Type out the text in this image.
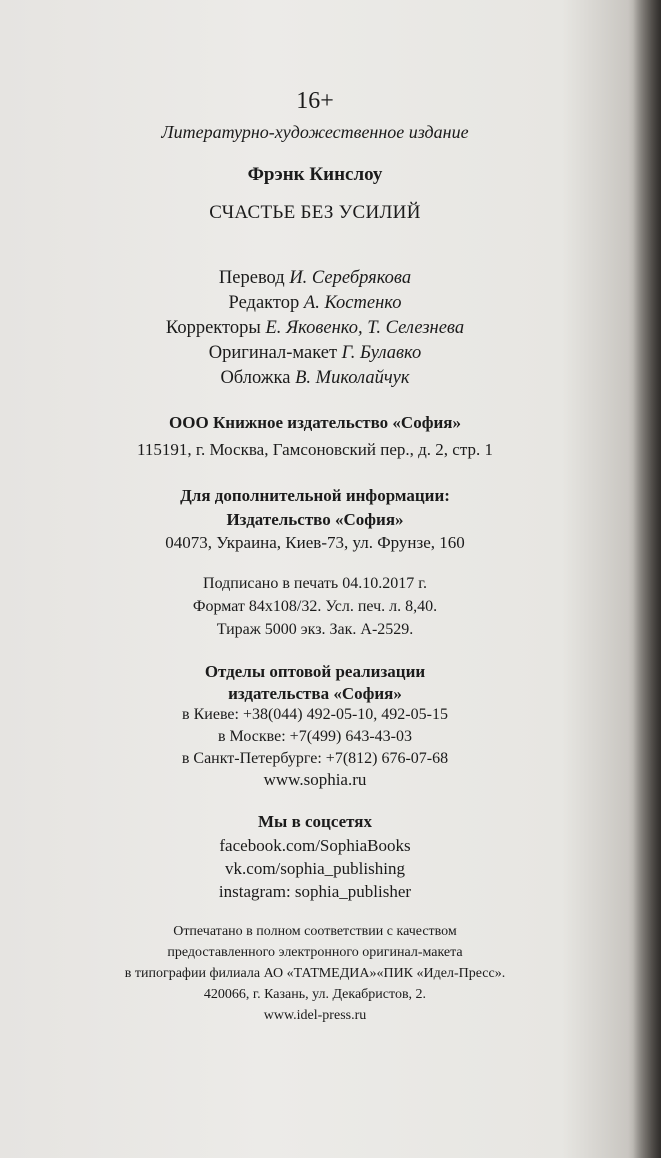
16+
Литературно-художественное издание
Фрэнк Кинслоу
СЧАСТЬЕ БЕЗ УСИЛИЙ
Перевод И. Серебрякова
Редактор А. Костенко
Корректоры Е. Яковенко, Т. Селезнева
Оригинал-макет Г. Булавко
Обложка В. Миколайчук
ООО Книжное издательство «София»
115191, г. Москва, Гамсоновский пер., д. 2, стр. 1
Для дополнительной информации:
Издательство «София»
04073, Украина, Киев-73, ул. Фрунзе, 160
Подписано в печать 04.10.2017 г.
Формат 84x108/32. Усл. печ. л. 8,40.
Тираж 5000 экз. Зак. А-2529.
Отделы оптовой реализации
издательства «София»
в Киеве: +38(044) 492-05-10, 492-05-15
в Москве: +7(499) 643-43-03
в Санкт-Петербурге: +7(812) 676-07-68
www.sophia.ru
Мы в соцсетях
facebook.com/SophiaBooks
vk.com/sophia_publishing
instagram: sophia_publisher
Отпечатано в полном соответствии с качеством
предоставленного электронного оригинал-макета
в типографии филиала АО «ТАТМЕДИА»«ПИК «Идел-Пресс».
420066, г. Казань, ул. Декабристов, 2.
www.idel-press.ru
